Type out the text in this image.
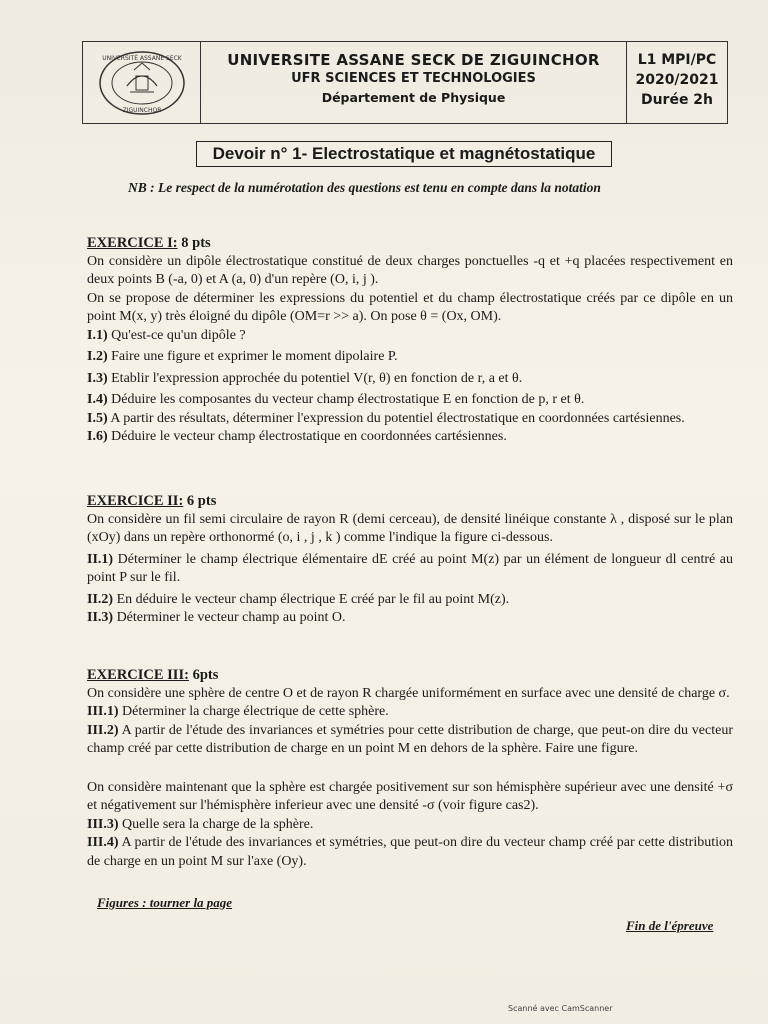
UNIVERSITÉ ASSANE SECK
ZIGUINCHOR
UNIVERSITE ASSANE SECK DE ZIGUINCHOR
UFR SCIENCES ET TECHNOLOGIES
Département de Physique
L1 MPI/PC
2020/2021
Durée 2h
Devoir n° 1- Electrostatique et magnétostatique
NB : Le respect de la numérotation des questions est tenu en compte dans la notation
EXERCICE I: 8 pts
On considère un dipôle électrostatique constitué de deux charges ponctuelles -q et +q placées respectivement en deux points B (-a, 0) et A (a, 0) d'un repère (O, i, j ).
On se propose de déterminer les expressions du potentiel et du champ électrostatique créés par ce dipôle en un point M(x, y) très éloigné du dipôle (OM=r >> a). On pose θ = (Ox, OM).
I.1) Qu'est-ce qu'un dipôle ?
I.2) Faire une figure et exprimer le moment dipolaire P.
I.3) Etablir l'expression approchée du potentiel V(r, θ) en fonction de r, a et θ.
I.4) Déduire les composantes du vecteur champ électrostatique E en fonction de p, r et θ.
I.5) A partir des résultats, déterminer l'expression du potentiel électrostatique en coordonnées cartésiennes.
I.6) Déduire le vecteur champ électrostatique en coordonnées cartésiennes.
EXERCICE II: 6 pts
On considère un fil semi circulaire de rayon R (demi cerceau), de densité linéique constante λ , disposé sur le plan (xOy) dans un repère orthonormé (o, i , j , k ) comme l'indique la figure ci-dessous.
II.1) Déterminer le champ électrique élémentaire dE créé au point M(z) par un élément de longueur dl centré au point P sur le fil.
II.2) En déduire le vecteur champ électrique E créé par le fil au point M(z).
II.3) Déterminer le vecteur champ au point O.
EXERCICE III: 6pts
On considère une sphère de centre O et de rayon R chargée uniformément en surface avec une densité de charge σ.
III.1) Déterminer la charge électrique de cette sphère.
III.2) A partir de l'étude des invariances et symétries pour cette distribution de charge, que peut-on dire du vecteur champ créé par cette distribution de charge en un point M en dehors de la sphère. Faire une figure.
On considère maintenant que la sphère est chargée positivement sur son hémisphère supérieur avec une densité +σ et négativement sur l'hémisphère inferieur avec une densité -σ (voir figure cas2).
III.3) Quelle sera la charge de la sphère.
III.4) A partir de l'étude des invariances et symétries, que peut-on dire du vecteur champ créé par cette distribution de charge en un point M sur l'axe (Oy).
Figures : tourner la page
Fin de l'épreuve
Scanné avec CamScanner
